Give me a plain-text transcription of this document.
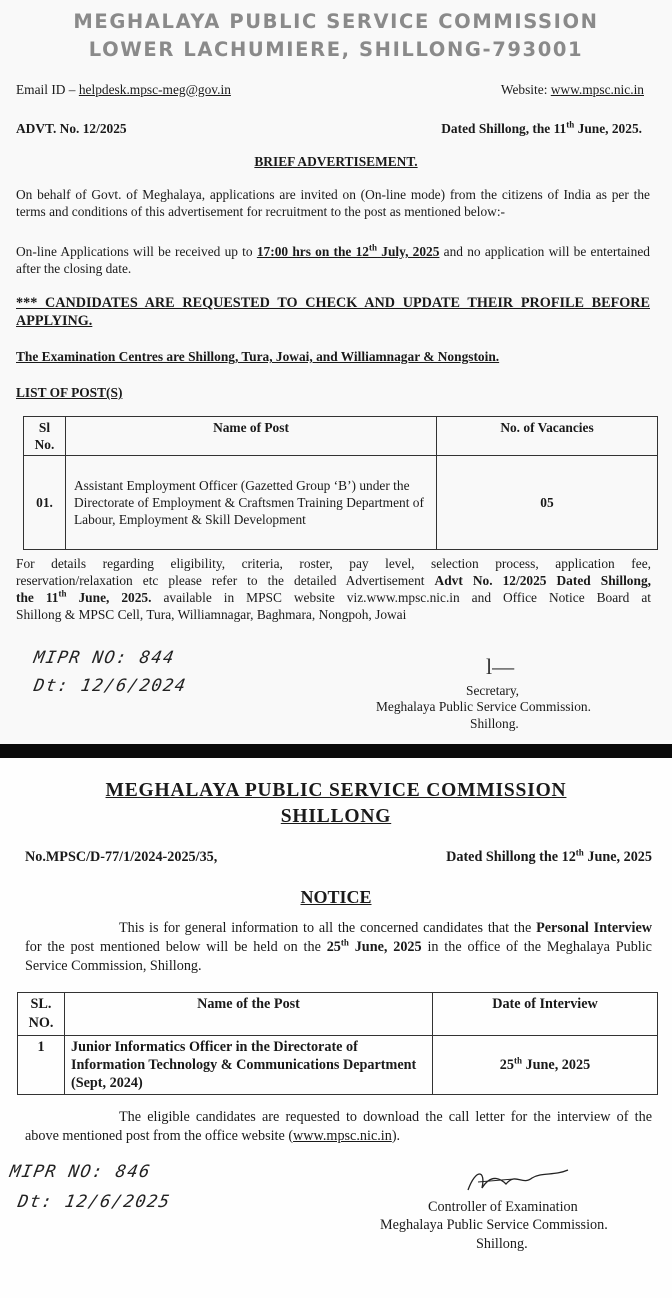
MEGHALAYA PUBLIC SERVICE COMMISSION
LOWER LACHUMIERE, SHILLONG-793001
Email ID – helpdesk.mpsc-meg@gov.in	Website: www.mpsc.nic.in
ADVT. No. 12/2025	Dated Shillong, the 11th June, 2025.
BRIEF ADVERTISEMENT.
On behalf of Govt. of Meghalaya, applications are invited on (On-line mode) from the citizens of India as per the terms and conditions of this advertisement for recruitment to the post as mentioned below:-
On-line Applications will be received up to 17:00 hrs on the 12th July, 2025 and no application will be entertained after the closing date.
*** CANDIDATES ARE REQUESTED TO CHECK AND UPDATE THEIR PROFILE BEFORE APPLYING.
The Examination Centres are Shillong, Tura, Jowai, and Williamnagar & Nongstoin.
LIST OF POST(S)
Sl No.	Name of Post	No. of Vacancies
01.	Assistant Employment Officer (Gazetted Group ‘B’) under the Directorate of Employment & Craftsmen Training Department of Labour, Employment & Skill Development	05
For details regarding eligibility, criteria, roster, pay level, selection process, application fee,
reservation/relaxation etc please refer to the detailed Advertisement Advt No. 12/2025 Dated Shillong,
the 11th June, 2025. available in MPSC website viz.www.mpsc.nic.in and Office Notice Board at
Shillong & MPSC Cell, Tura, Williamnagar, Baghmara, Nongpoh, Jowai
MIPR NO: 844
Dt: 12/6/2024
l—
Secretary,
Meghalaya Public Service Commission.
Shillong.
MEGHALAYA PUBLIC SERVICE COMMISSION
SHILLONG
No.MPSC/D-77/1/2024-2025/35,	Dated Shillong the 12th June, 2025
NOTICE
This is for general information to all the concerned candidates that the Personal Interview for the post mentioned below will be held on the 25th June, 2025 in the office of the Meghalaya Public Service Commission, Shillong.
SL. NO.	Name of the Post	Date of Interview
1	Junior Informatics Officer in the Directorate of Information Technology & Communications Department (Sept, 2024)	25th June, 2025
The eligible candidates are requested to download the call letter for the interview of the above mentioned post from the office website (www.mpsc.nic.in).
MIPR NO: 846
Dt: 12/6/2025	Controller of Examination
Meghalaya Public Service Commission.
Shillong.
